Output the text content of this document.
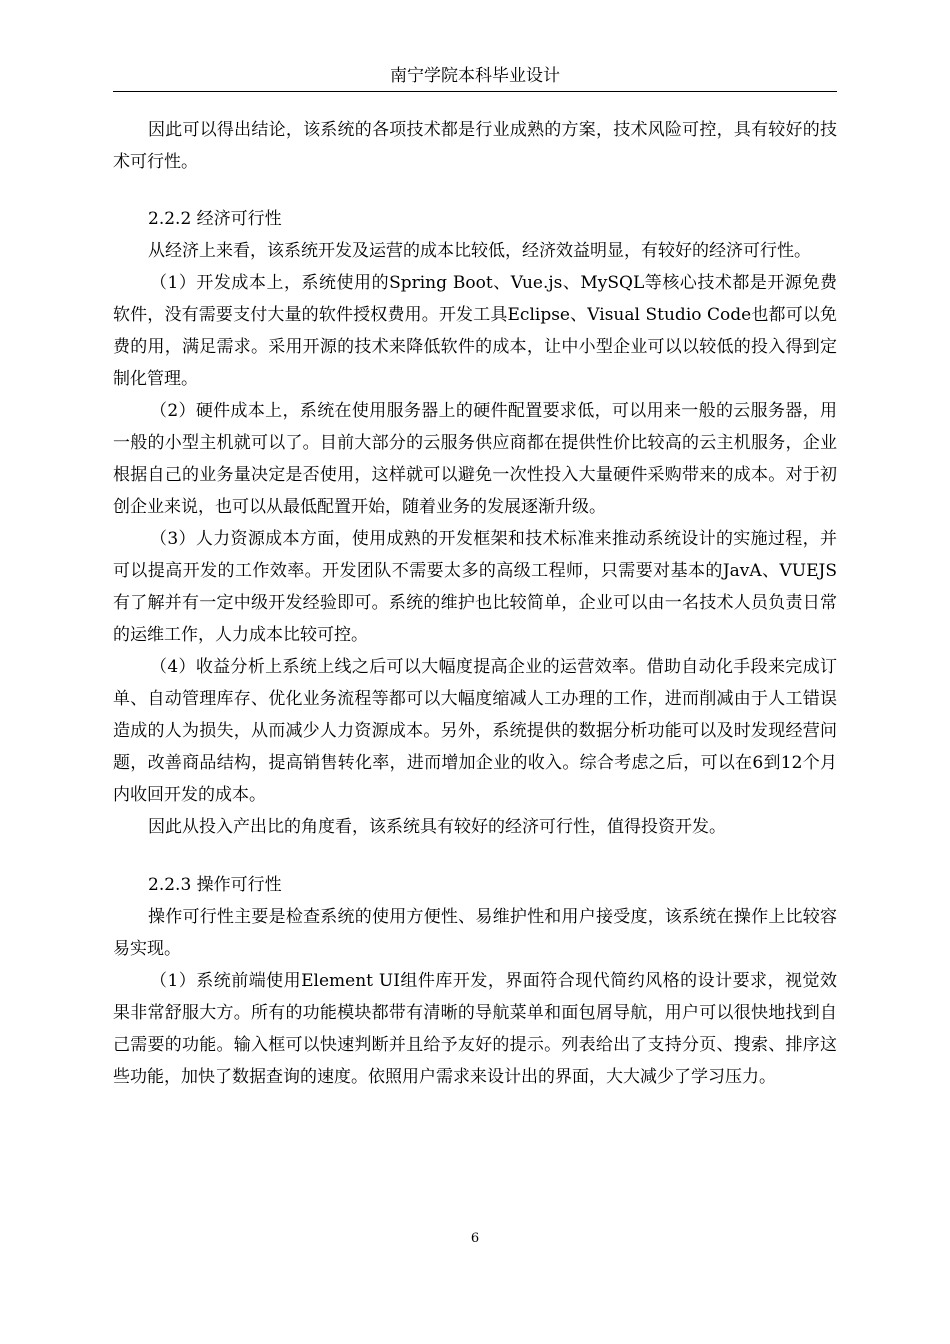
南宁学院本科毕业设计

因此可以得出结论，该系统的各项技术都是行业成熟的方案，技术风险可控，具有较好的技术可行性。

2.2.2 经济可行性

从经济上来看，该系统开发及运营的成本比较低，经济效益明显，有较好的经济可行性。

（1）开发成本上，系统使用的Spring Boot、Vue.js、MySQL等核心技术都是开源免费软件，没有需要支付大量的软件授权费用。开发工具Eclipse、Visual Studio Code也都可以免费的用，满足需求。采用开源的技术来降低软件的成本，让中小型企业可以以较低的投入得到定制化管理。

（2）硬件成本上，系统在使用服务器上的硬件配置要求低，可以用来一般的云服务器，用一般的小型主机就可以了。目前大部分的云服务供应商都在提供性价比较高的云主机服务，企业根据自己的业务量决定是否使用，这样就可以避免一次性投入大量硬件采购带来的成本。对于初创企业来说，也可以从最低配置开始，随着业务的发展逐渐升级。

（3）人力资源成本方面，使用成熟的开发框架和技术标准来推动系统设计的实施过程，并可以提高开发的工作效率。开发团队不需要太多的高级工程师，只需要对基本的JavA、VUEJS有了解并有一定中级开发经验即可。系统的维护也比较简单，企业可以由一名技术人员负责日常的运维工作，人力成本比较可控。

（4）收益分析上系统上线之后可以大幅度提高企业的运营效率。借助自动化手段来完成订单、自动管理库存、优化业务流程等都可以大幅度缩减人工办理的工作，进而削减由于人工错误造成的人为损失，从而减少人力资源成本。另外，系统提供的数据分析功能可以及时发现经营问题，改善商品结构，提高销售转化率，进而增加企业的收入。综合考虑之后，可以在6到12个月内收回开发的成本。

因此从投入产出比的角度看，该系统具有较好的经济可行性，值得投资开发。

2.2.3 操作可行性

操作可行性主要是检查系统的使用方便性、易维护性和用户接受度，该系统在操作上比较容易实现。

（1）系统前端使用Element UI组件库开发，界面符合现代简约风格的设计要求，视觉效果非常舒服大方。所有的功能模块都带有清晰的导航菜单和面包屑导航，用户可以很快地找到自己需要的功能。输入框可以快速判断并且给予友好的提示。列表给出了支持分页、搜索、排序这些功能，加快了数据查询的速度。依照用户需求来设计出的界面，大大减少了学习压力。

6
